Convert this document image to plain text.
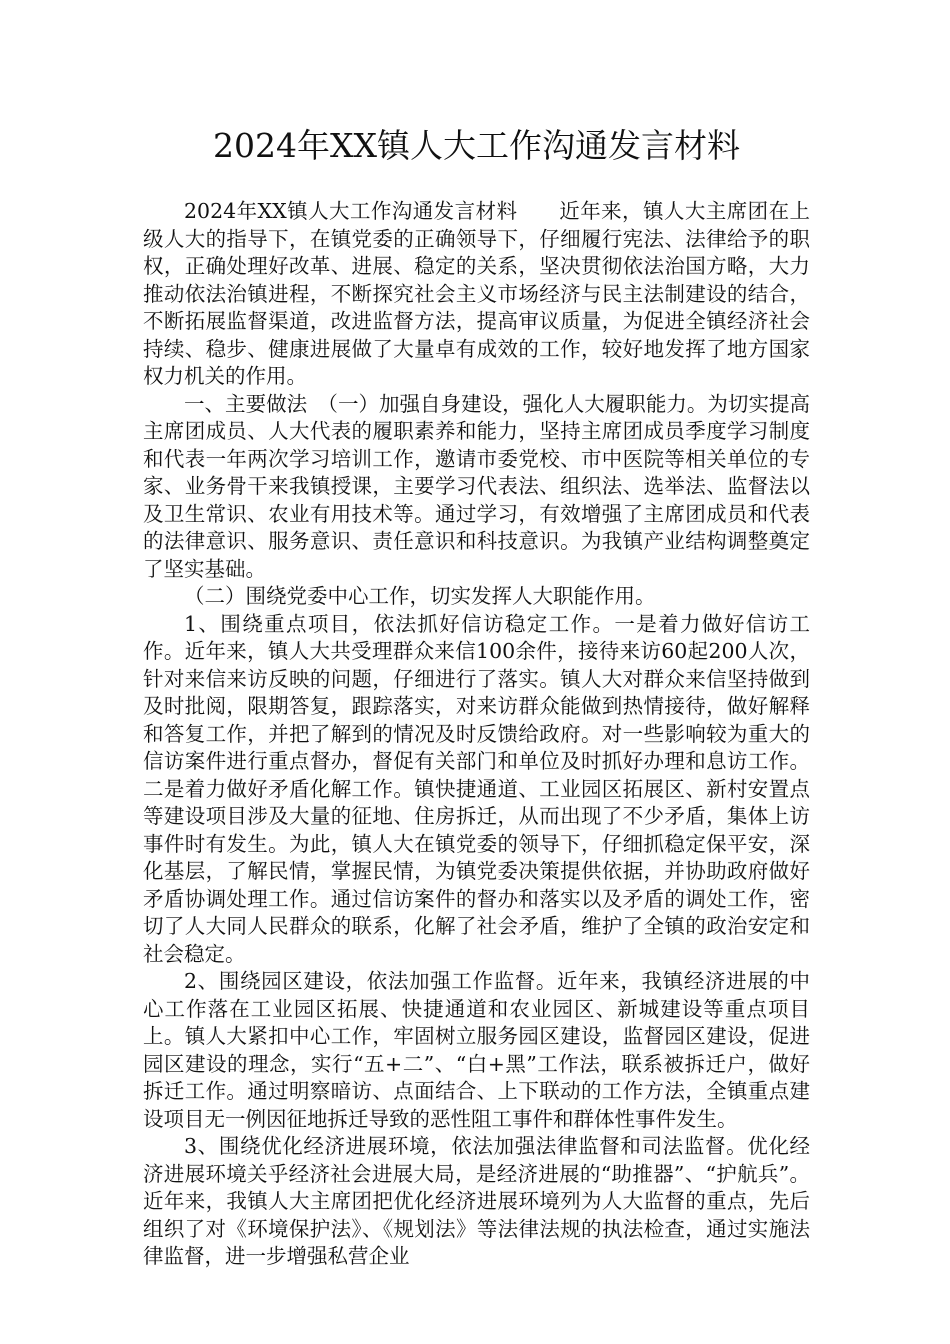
2024年XX镇人大工作沟通发言材料

2024年XX镇人大工作沟通发言材料　　近年来，镇人大主席团在上级人大的指导下，在镇党委的正确领导下，仔细履行宪法、法律给予的职权，正确处理好改革、进展、稳定的关系，坚决贯彻依法治国方略，大力推动依法治镇进程，不断探究社会主义市场经济与民主法制建设的结合，不断拓展监督渠道，改进监督方法，提高审议质量，为促进全镇经济社会持续、稳步、健康进展做了大量卓有成效的工作，较好地发挥了地方国家权力机关的作用。

一、主要做法　（一）加强自身建设，强化人大履职能力。为切实提高主席团成员、人大代表的履职素养和能力，坚持主席团成员季度学习制度和代表一年两次学习培训工作，邀请市委党校、市中医院等相关单位的专家、业务骨干来我镇授课，主要学习代表法、组织法、选举法、监督法以及卫生常识、农业有用技术等。通过学习，有效增强了主席团成员和代表的法律意识、服务意识、责任意识和科技意识。为我镇产业结构调整奠定了坚实基础。

（二）围绕党委中心工作，切实发挥人大职能作用。

1、围绕重点项目，依法抓好信访稳定工作。一是着力做好信访工作。近年来，镇人大共受理群众来信100余件，接待来访60起200人次，针对来信来访反映的问题，仔细进行了落实。镇人大对群众来信坚持做到及时批阅，限期答复，跟踪落实，对来访群众能做到热情接待，做好解释和答复工作，并把了解到的情况及时反馈给政府。对一些影响较为重大的信访案件进行重点督办，督促有关部门和单位及时抓好办理和息访工作。二是着力做好矛盾化解工作。镇快捷通道、工业园区拓展区、新村安置点等建设项目涉及大量的征地、住房拆迁，从而出现了不少矛盾，集体上访事件时有发生。为此，镇人大在镇党委的领导下，仔细抓稳定保平安，深化基层，了解民情，掌握民情，为镇党委决策提供依据，并协助政府做好矛盾协调处理工作。通过信访案件的督办和落实以及矛盾的调处工作，密切了人大同人民群众的联系，化解了社会矛盾，维护了全镇的政治安定和社会稳定。

2、围绕园区建设，依法加强工作监督。近年来，我镇经济进展的中心工作落在工业园区拓展、快捷通道和农业园区、新城建设等重点项目上。镇人大紧扣中心工作，牢固树立服务园区建设，监督园区建设，促进园区建设的理念，实行“五+二”、“白+黑”工作法，联系被拆迁户，做好拆迁工作。通过明察暗访、点面结合、上下联动的工作方法，全镇重点建设项目无一例因征地拆迁导致的恶性阻工事件和群体性事件发生。

3、围绕优化经济进展环境，依法加强法律监督和司法监督。优化经济进展环境关乎经济社会进展大局，是经济进展的“助推器”、“护航兵”。近年来，我镇人大主席团把优化经济进展环境列为人大监督的重点，先后组织了对《环境保护法》、《规划法》等法律法规的执法检查，通过实施法律监督，进一步增强私营企业
